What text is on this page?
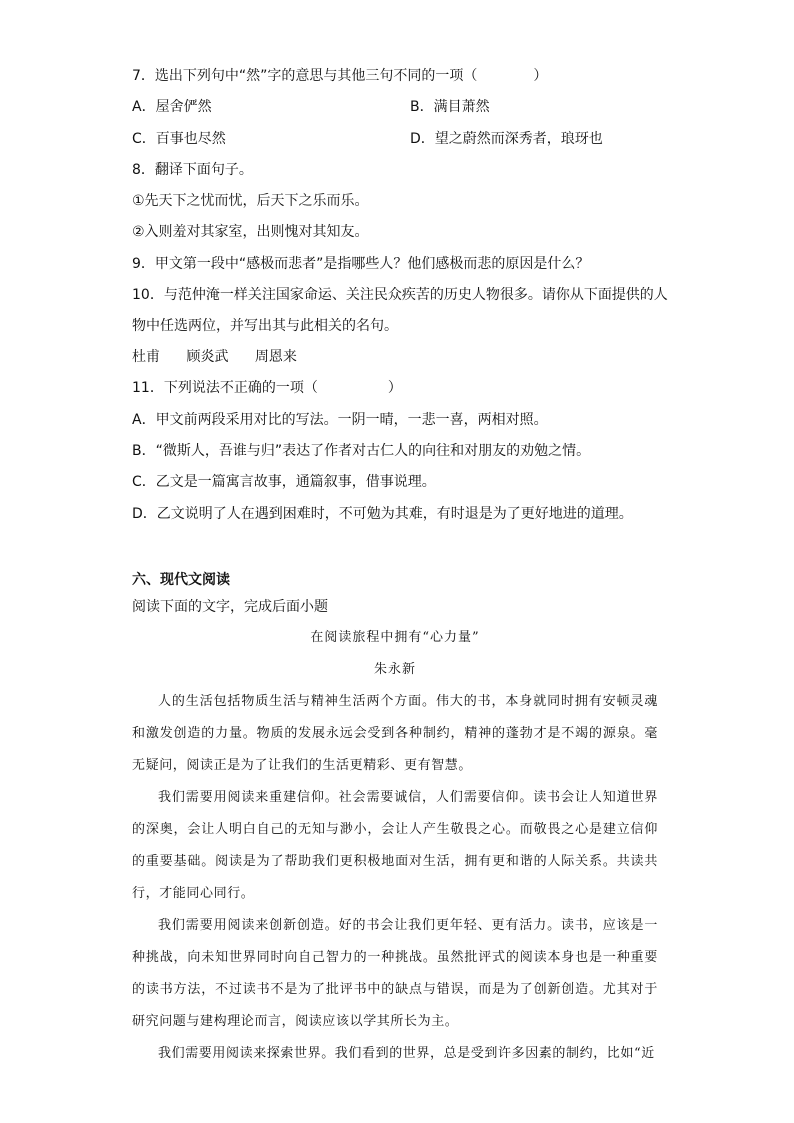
7．选出下列句中“然”字的意思与其他三句不同的一项（	）
A．屋舍俨然	B．满目萧然
C．百事也尽然	D．望之蔚然而深秀者，琅玡也
8．翻译下面句子。
①先天下之忧而忧，后天下之乐而乐。
②入则羞对其家室，出则愧对其知友。
9．甲文第一段中“感极而悲者”是指哪些人？他们感极而悲的原因是什么？
10．与范仲淹一样关注国家命运、关注民众疾苦的历史人物很多。请你从下面提供的人
物中任选两位，并写出其与此相关的名句。
杜甫 顾炎武 周恩来
11．下列说法不正确的一项（	）
A．甲文前两段采用对比的写法。一阴一晴，一悲一喜，两相对照。
B．“微斯人，吾谁与归”表达了作者对古仁人的向往和对朋友的劝勉之情。
C．乙文是一篇寓言故事，通篇叙事，借事说理。
D．乙文说明了人在遇到困难时，不可勉为其难，有时退是为了更好地进的道理。
六、现代文阅读
阅读下面的文字，完成后面小题
在阅读旅程中拥有“心力量”
朱永新

人的生活包括物质生活与精神生活两个方面。伟大的书，本身就同时拥有安顿灵魂和激发创造的力量。物质的发展永远会受到各种制约，精神的蓬勃才是不竭的源泉。毫无疑问，阅读正是为了让我们的生活更精彩、更有智慧。

我们需要用阅读来重建信仰。社会需要诚信，人们需要信仰。读书会让人知道世界的深奥，会让人明白自己的无知与渺小，会让人产生敬畏之心。而敬畏之心是建立信仰的重要基础。阅读是为了帮助我们更积极地面对生活，拥有更和谐的人际关系。共读共行，才能同心同行。

我们需要用阅读来创新创造。好的书会让我们更年轻、更有活力。读书，应该是一种挑战，向未知世界同时向自己智力的一种挑战。虽然批评式的阅读本身也是一种重要的读书方法，不过读书不是为了批评书中的缺点与错误，而是为了创新创造。尤其对于研究问题与建构理论而言，阅读应该以学其所长为主。

我们需要用阅读来探索世界。我们看到的世界，总是受到许多因素的制约，比如“近
